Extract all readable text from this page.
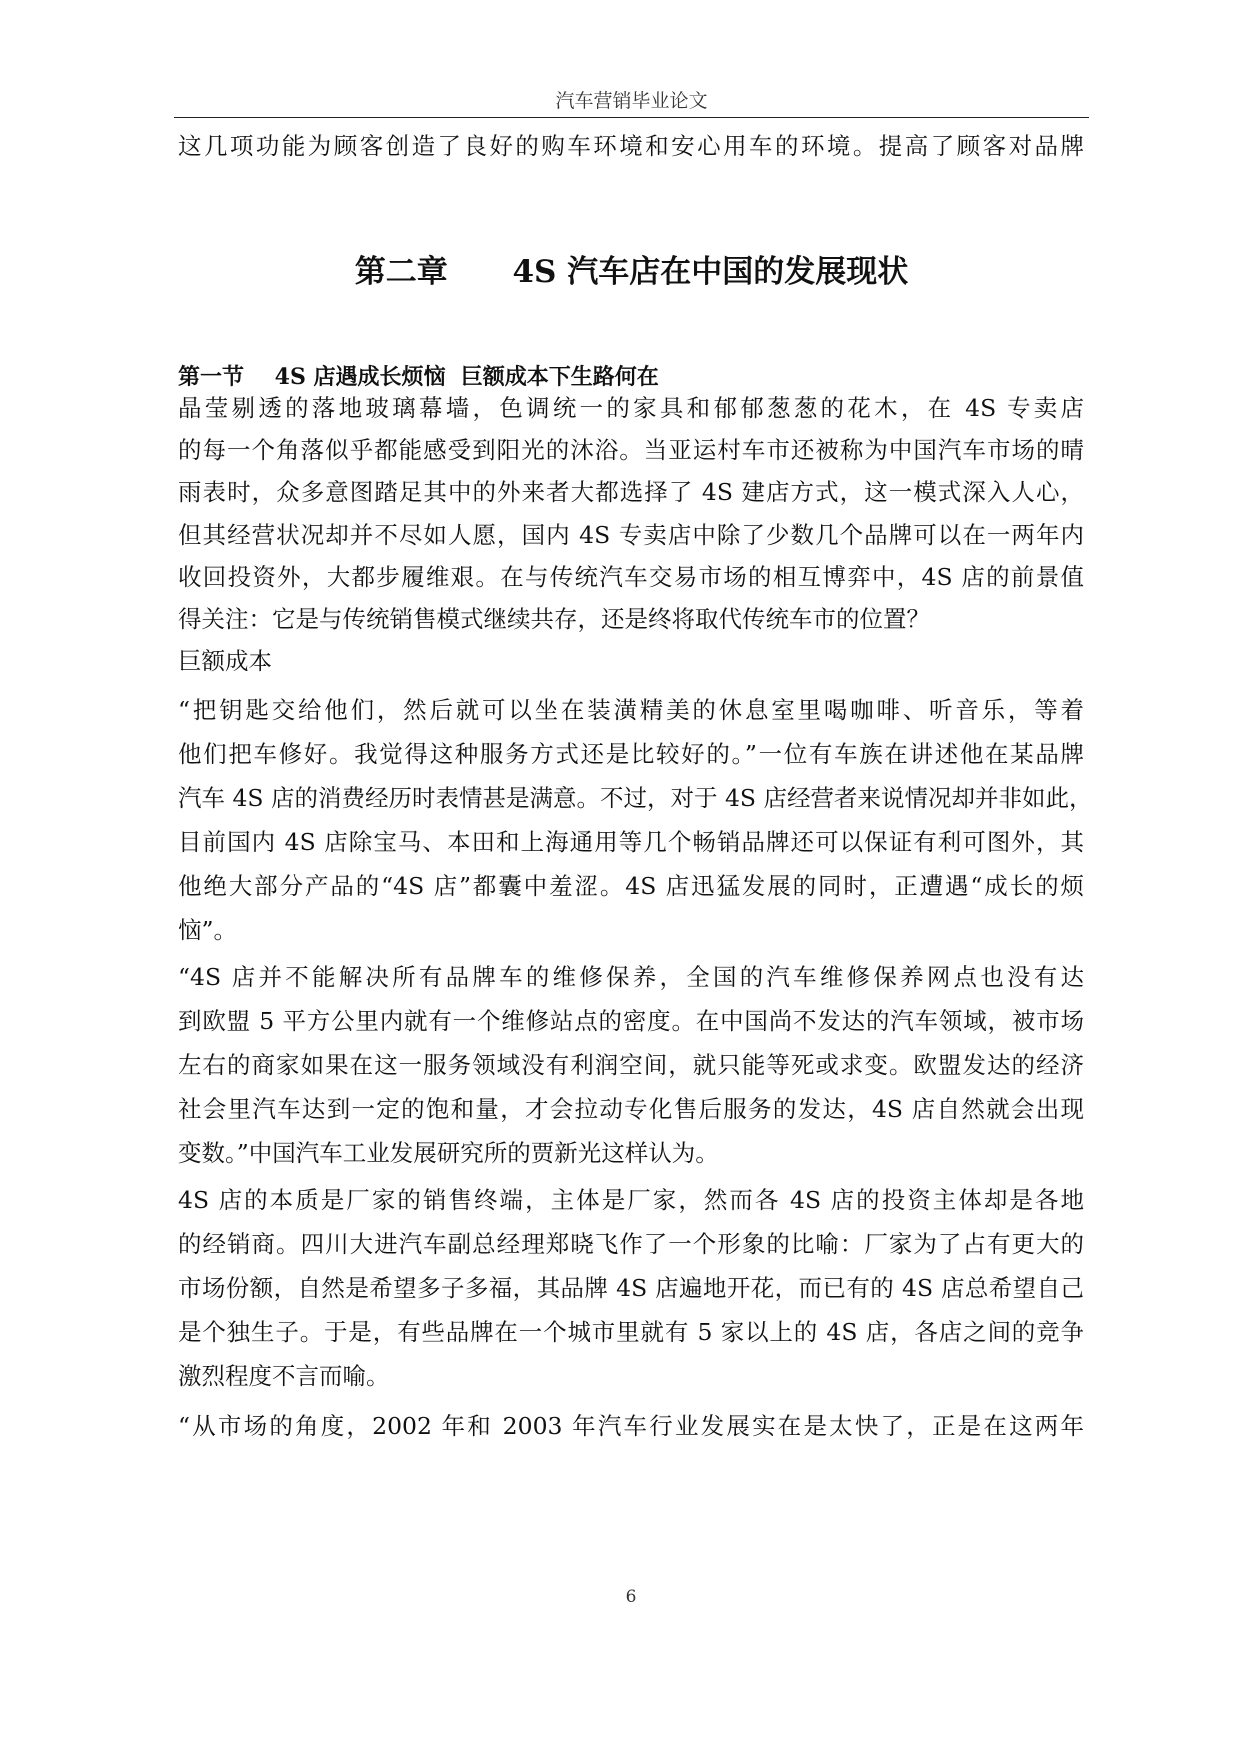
汽车营销毕业论文
这几项功能为顾客创造了良好的购车环境和安心用车的环境。提高了顾客对品牌
第二章      4S 汽车店在中国的发展现状
第一节    4S 店遇成长烦恼  巨额成本下生路何在
晶莹剔透的落地玻璃幕墙，色调统一的家具和郁郁葱葱的花木，在 4S 专卖店
的每一个角落似乎都能感受到阳光的沐浴。当亚运村车市还被称为中国汽车市场的晴
雨表时，众多意图踏足其中的外来者大都选择了 4S 建店方式，这一模式深入人心，
但其经营状况却并不尽如人愿，国内 4S 专卖店中除了少数几个品牌可以在一两年内
收回投资外，大都步履维艰。在与传统汽车交易市场的相互博弈中，4S 店的前景值
得关注：它是与传统销售模式继续共存，还是终将取代传统车市的位置？
巨额成本
“把钥匙交给他们，然后就可以坐在装潢精美的休息室里喝咖啡、听音乐，等着
他们把车修好。我觉得这种服务方式还是比较好的。”一位有车族在讲述他在某品牌
汽车 4S 店的消费经历时表情甚是满意。不过，对于 4S 店经营者来说情况却并非如此，
目前国内 4S 店除宝马、本田和上海通用等几个畅销品牌还可以保证有利可图外，其
他绝大部分产品的“4S 店”都囊中羞涩。4S 店迅猛发展的同时，正遭遇“成长的烦
恼”。
“4S 店并不能解决所有品牌车的维修保养，全国的汽车维修保养网点也没有达
到欧盟 5 平方公里内就有一个维修站点的密度。在中国尚不发达的汽车领域，被市场
左右的商家如果在这一服务领域没有利润空间，就只能等死或求变。欧盟发达的经济
社会里汽车达到一定的饱和量，才会拉动专化售后服务的发达，4S 店自然就会出现
变数。”中国汽车工业发展研究所的贾新光这样认为。
4S 店的本质是厂家的销售终端，主体是厂家，然而各 4S 店的投资主体却是各地
的经销商。四川大进汽车副总经理郑晓飞作了一个形象的比喻：厂家为了占有更大的
市场份额，自然是希望多子多福，其品牌 4S 店遍地开花，而已有的 4S 店总希望自己
是个独生子。于是，有些品牌在一个城市里就有 5 家以上的 4S 店，各店之间的竞争
激烈程度不言而喻。
“从市场的角度，2002 年和 2003 年汽车行业发展实在是太快了，正是在这两年
6
